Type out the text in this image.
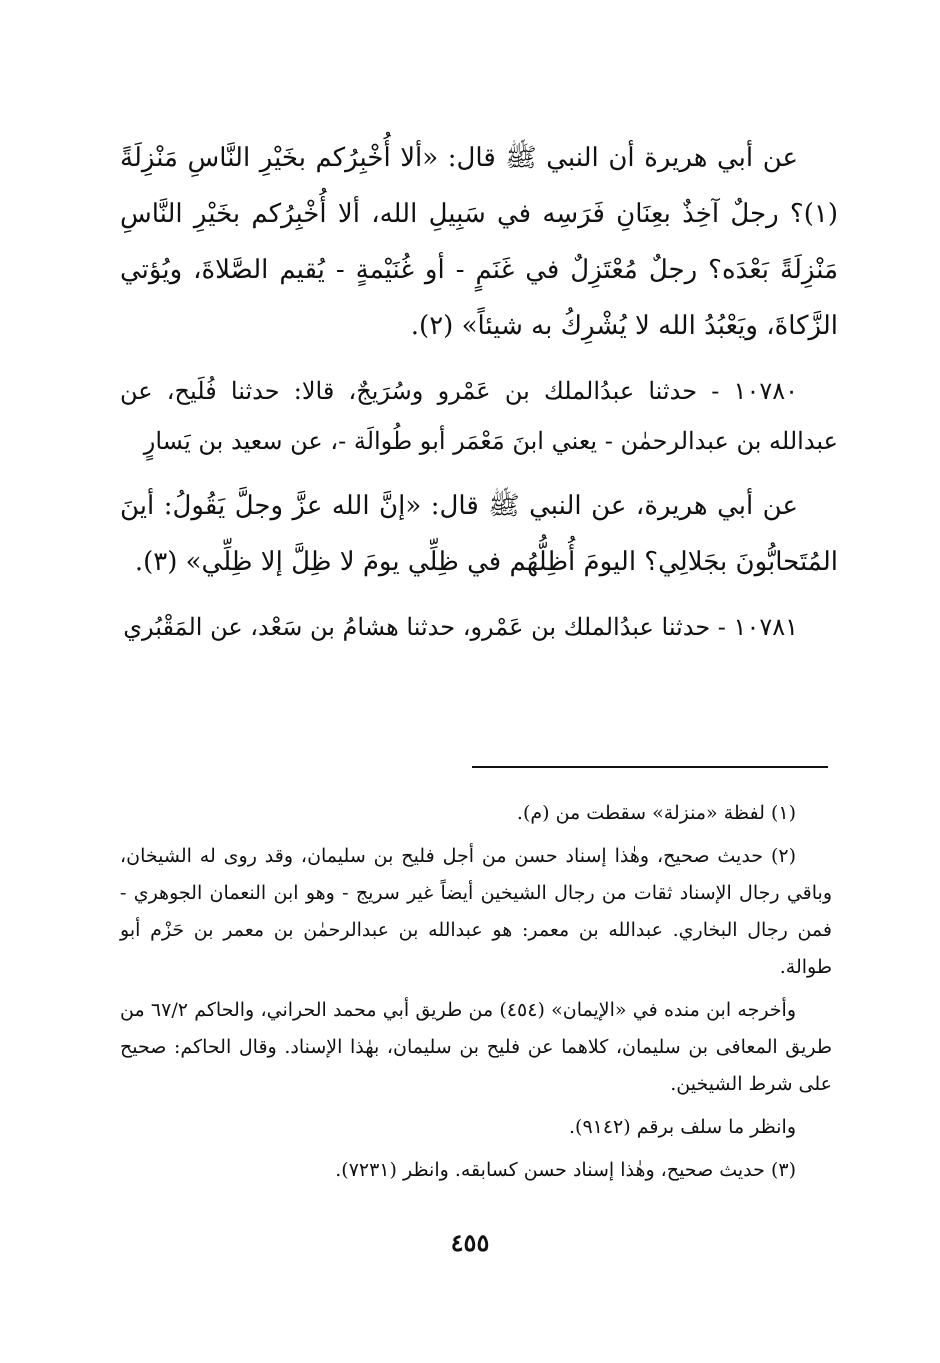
عن أبي هريرة أن النبي ﷺ قال: «ألا أُخْبِرُكم بخَيْرِ النَّاسِ مَنْزِلَةً (١)؟ رجلٌ آخِذٌ بعِنَانِ فَرَسِه في سَبِيلِ الله، ألا أُخْبِرُكم بخَيْرِ النَّاسِ مَنْزِلَةً بَعْدَه؟ رجلٌ مُعْتَزِلٌ في غَنَمٍ - أو غُنَيْمةٍ - يُقيم الصَّلاةَ، ويُؤتي الزَّكاةَ، ويَعْبُدُ الله لا يُشْرِكُ به شيئاً» (٢).

١٠٧٨٠ - حدثنا عبدُالملك بن عَمْرو وسُرَيجٌ، قالا: حدثنا فُلَيح، عن عبدالله بن عبدالرحمٰن - يعني ابنَ مَعْمَر أبو طُوالَة -، عن سعيد بن يَسارٍ

عن أبي هريرة، عن النبي ﷺ قال: «إنَّ الله عزَّ وجلَّ يَقُولُ: أينَ المُتَحابُّونَ بجَلالِي؟ اليومَ أُظِلُّهُم في ظِلِّي يومَ لا ظِلَّ إلا ظِلِّي» (٣).

١٠٧٨١ - حدثنا عبدُالملك بن عَمْرو، حدثنا هشامُ بن سَعْد، عن المَقْبُري

(١) لفظة «منزلة» سقطت من (م).

(٢) حديث صحيح، وهٰذا إسناد حسن من أجل فليح بن سليمان، وقد روى له الشيخان، وباقي رجال الإسناد ثقات من رجال الشيخين أيضاً غير سريج - وهو ابن النعمان الجوهري - فمن رجال البخاري. عبدالله بن معمر: هو عبدالله بن عبدالرحمٰن بن معمر بن حَزْم أبو طوالة.

وأخرجه ابن منده في «الإيمان» (٤٥٤) من طريق أبي محمد الحراني، والحاكم ٦٧/٢ من طريق المعافى بن سليمان، كلاهما عن فليح بن سليمان، بهٰذا الإسناد. وقال الحاكم: صحيح على شرط الشيخين.

وانظر ما سلف برقم (٩١٤٢).

(٣) حديث صحيح، وهٰذا إسناد حسن كسابقه. وانظر (٧٢٣١).

٤٥٥
